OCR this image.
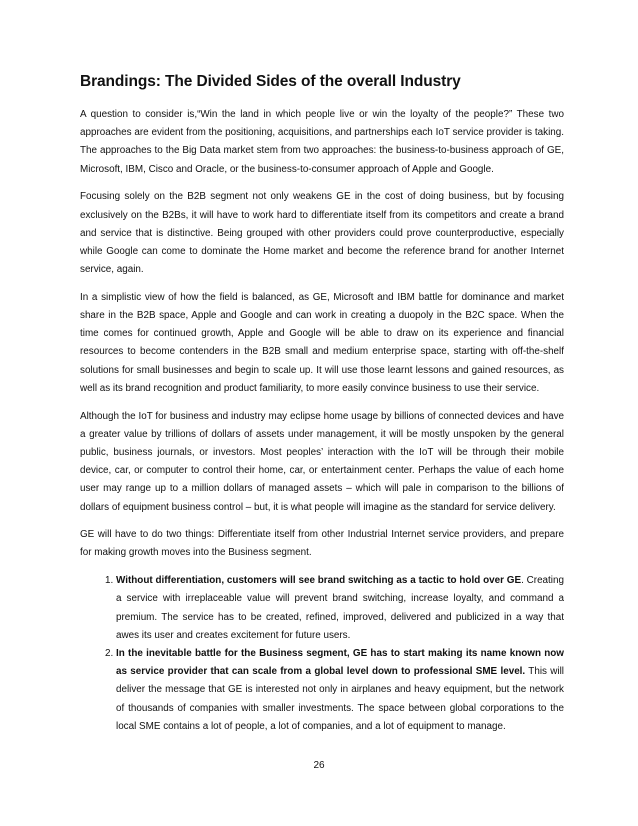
Brandings: The Divided Sides of the overall Industry

A question to consider is,“Win the land in which people live or win the loyalty of the people?” These two approaches are evident from the positioning, acquisitions, and partnerships each IoT service provider is taking. The approaches to the Big Data market stem from two approaches: the business-to-business approach of GE, Microsoft, IBM, Cisco and Oracle, or the business-to-consumer approach of Apple and Google.

Focusing solely on the B2B segment not only weakens GE in the cost of doing business, but by focusing exclusively on the B2Bs, it will have to work hard to differentiate itself from its competitors and create a brand and service that is distinctive. Being grouped with other providers could prove counterproductive, especially while Google can come to dominate the Home market and become the reference brand for another Internet service, again.

In a simplistic view of how the field is balanced, as GE, Microsoft and IBM battle for dominance and market share in the B2B space, Apple and Google and can work in creating a duopoly in the B2C space. When the time comes for continued growth, Apple and Google will be able to draw on its experience and financial resources to become contenders in the B2B small and medium enterprise space, starting with off-the-shelf solutions for small businesses and begin to scale up. It will use those learnt lessons and gained resources, as well as its brand recognition and product familiarity, to more easily convince business to use their service.

Although the IoT for business and industry may eclipse home usage by billions of connected devices and have a greater value by trillions of dollars of assets under management, it will be mostly unspoken by the general public, business journals, or investors. Most peoples’ interaction with the IoT will be through their mobile device, car, or computer to control their home, car, or entertainment center. Perhaps the value of each home user may range up to a million dollars of managed assets – which will pale in comparison to the billions of dollars of equipment business control – but, it is what people will imagine as the standard for service delivery.

GE will have to do two things: Differentiate itself from other Industrial Internet service providers, and prepare for making growth moves into the Business segment.

1. Without differentiation, customers will see brand switching as a tactic to hold over GE. Creating a service with irreplaceable value will prevent brand switching, increase loyalty, and command a premium. The service has to be created, refined, improved, delivered and publicized in a way that awes its user and creates excitement for future users.
2. In the inevitable battle for the Business segment, GE has to start making its name known now as service provider that can scale from a global level down to professional SME level. This will deliver the message that GE is interested not only in airplanes and heavy equipment, but the network of thousands of companies with smaller investments. The space between global corporations to the local SME contains a lot of people, a lot of companies, and a lot of equipment to manage.
26
